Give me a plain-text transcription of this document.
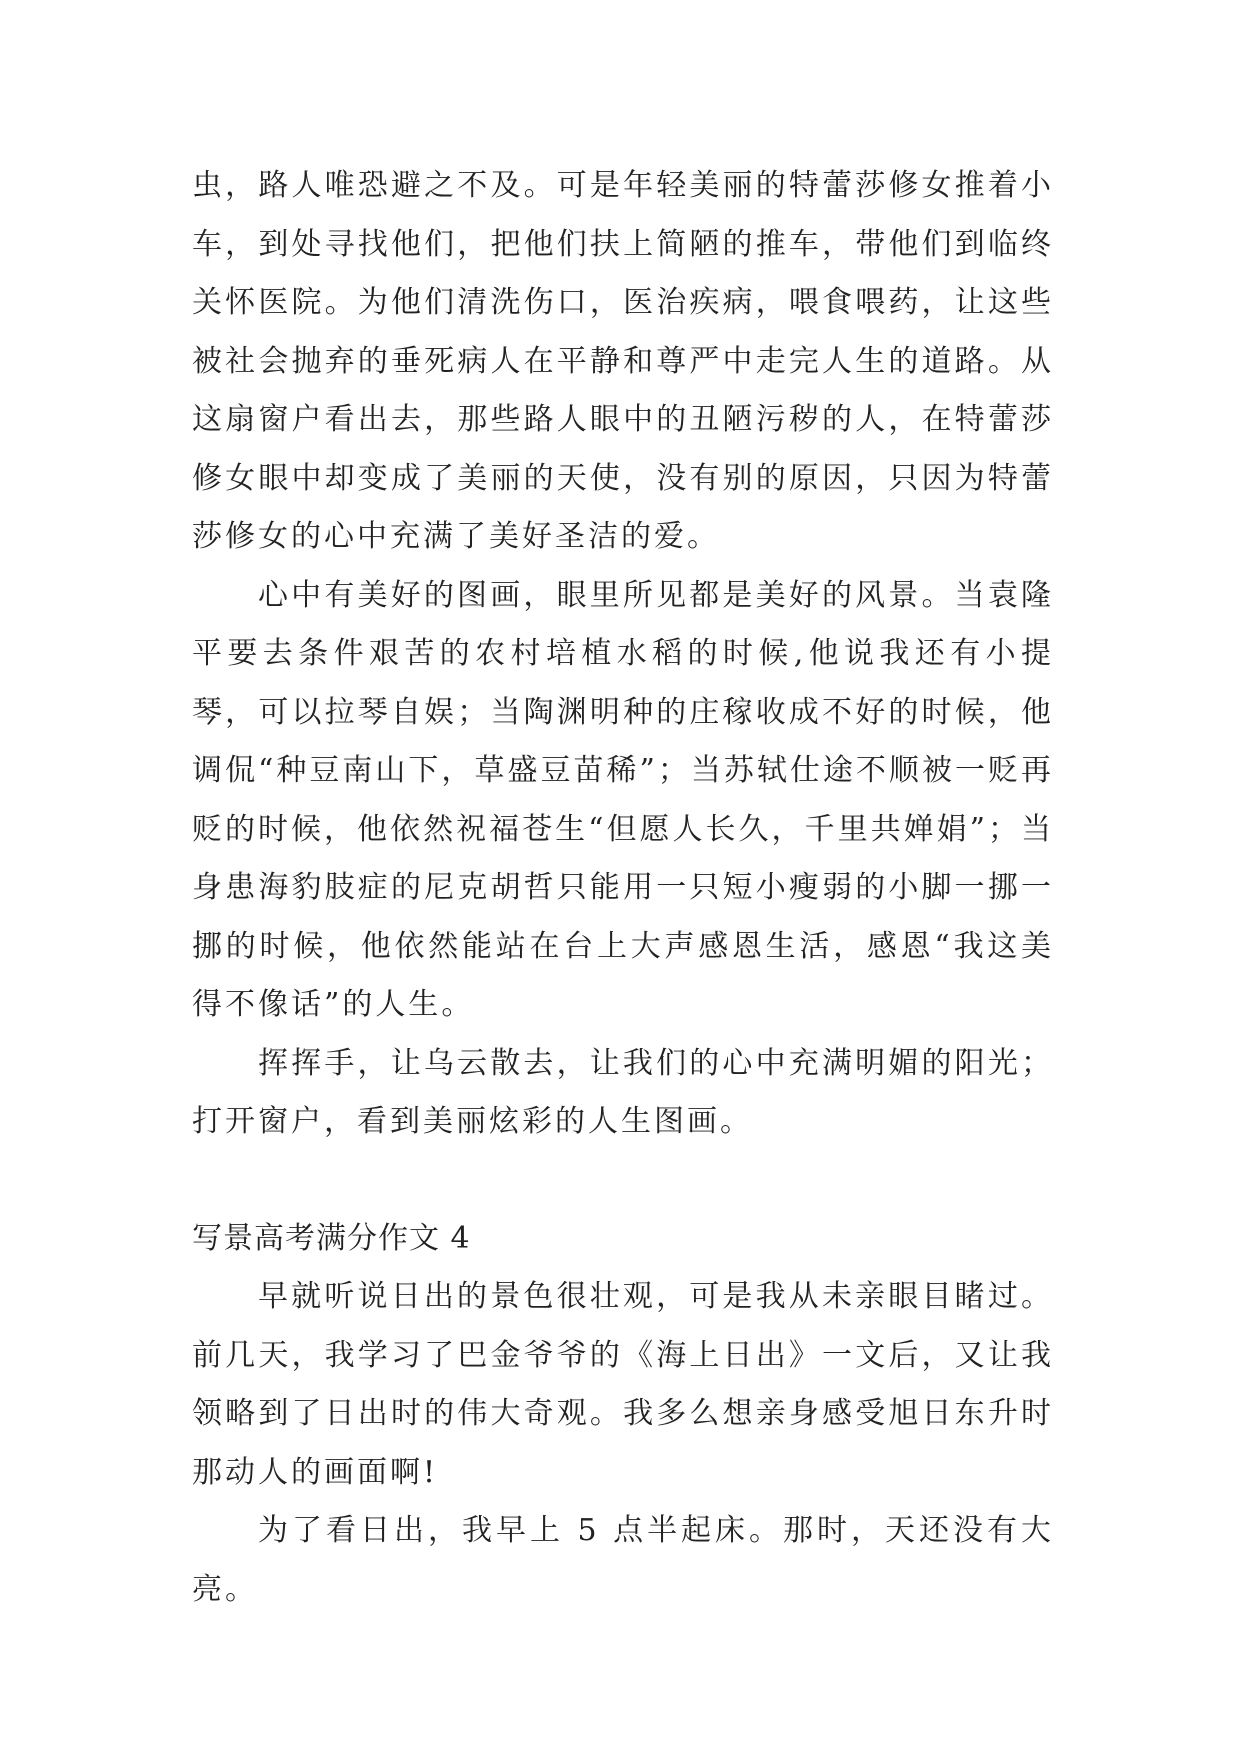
虫，路人唯恐避之不及。可是年轻美丽的特蕾莎修女推着小车，到处寻找他们，把他们扶上简陋的推车，带他们到临终关怀医院。为他们清洗伤口，医治疾病，喂食喂药，让这些被社会抛弃的垂死病人在平静和尊严中走完人生的道路。从这扇窗户看出去，那些路人眼中的丑陋污秽的人，在特蕾莎修女眼中却变成了美丽的天使，没有别的原因，只因为特蕾莎修女的心中充满了美好圣洁的爱。

心中有美好的图画，眼里所见都是美好的风景。当袁隆平要去条件艰苦的农村培植水稻的时候,他说我还有小提琴，可以拉琴自娱；当陶渊明种的庄稼收成不好的时候，他调侃“种豆南山下，草盛豆苗稀”；当苏轼仕途不顺被一贬再贬的时候，他依然祝福苍生“但愿人长久，千里共婵娟”；当身患海豹肢症的尼克胡哲只能用一只短小瘦弱的小脚一挪一挪的时候，他依然能站在台上大声感恩生活，感恩“我这美得不像话”的人生。

挥挥手，让乌云散去，让我们的心中充满明媚的阳光；打开窗户，看到美丽炫彩的人生图画。

写景高考满分作文 4

早就听说日出的景色很壮观，可是我从未亲眼目睹过。前几天，我学习了巴金爷爷的《海上日出》一文后，又让我领略到了日出时的伟大奇观。我多么想亲身感受旭日东升时那动人的画面啊!

为了看日出，我早上 5 点半起床。那时，天还没有大亮。
